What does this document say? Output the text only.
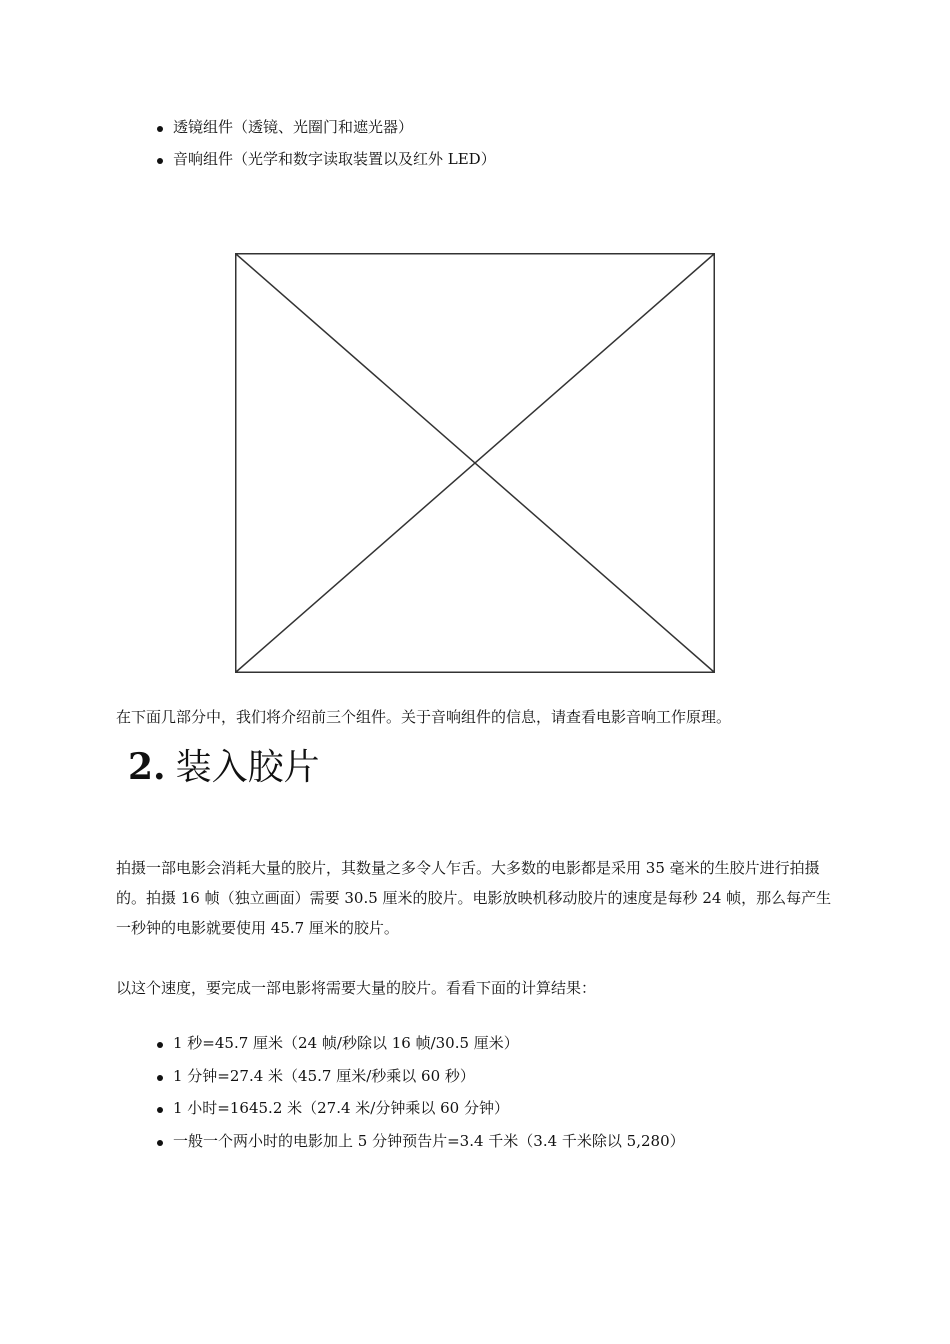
透镜组件（透镜、光圈门和遮光器）
音响组件（光学和数字读取装置以及红外 LED）

在下面几部分中，我们将介绍前三个组件。关于音响组件的信息，请查看电影音响工作原理。

2. 装入胶片

拍摄一部电影会消耗大量的胶片，其数量之多令人乍舌。大多数的电影都是采用 35 毫米的生胶片进行拍摄的。拍摄 16 帧（独立画面）需要 30.5 厘米的胶片。电影放映机移动胶片的速度是每秒 24 帧，那么每产生一秒钟的电影就要使用 45.7 厘米的胶片。

以这个速度，要完成一部电影将需要大量的胶片。看看下面的计算结果：

1 秒=45.7 厘米（24 帧/秒除以 16 帧/30.5 厘米）
1 分钟=27.4 米（45.7 厘米/秒乘以 60 秒）
1 小时=1645.2 米（27.4 米/分钟乘以 60 分钟）
一般一个两小时的电影加上 5 分钟预告片=3.4 千米（3.4 千米除以 5,280）
